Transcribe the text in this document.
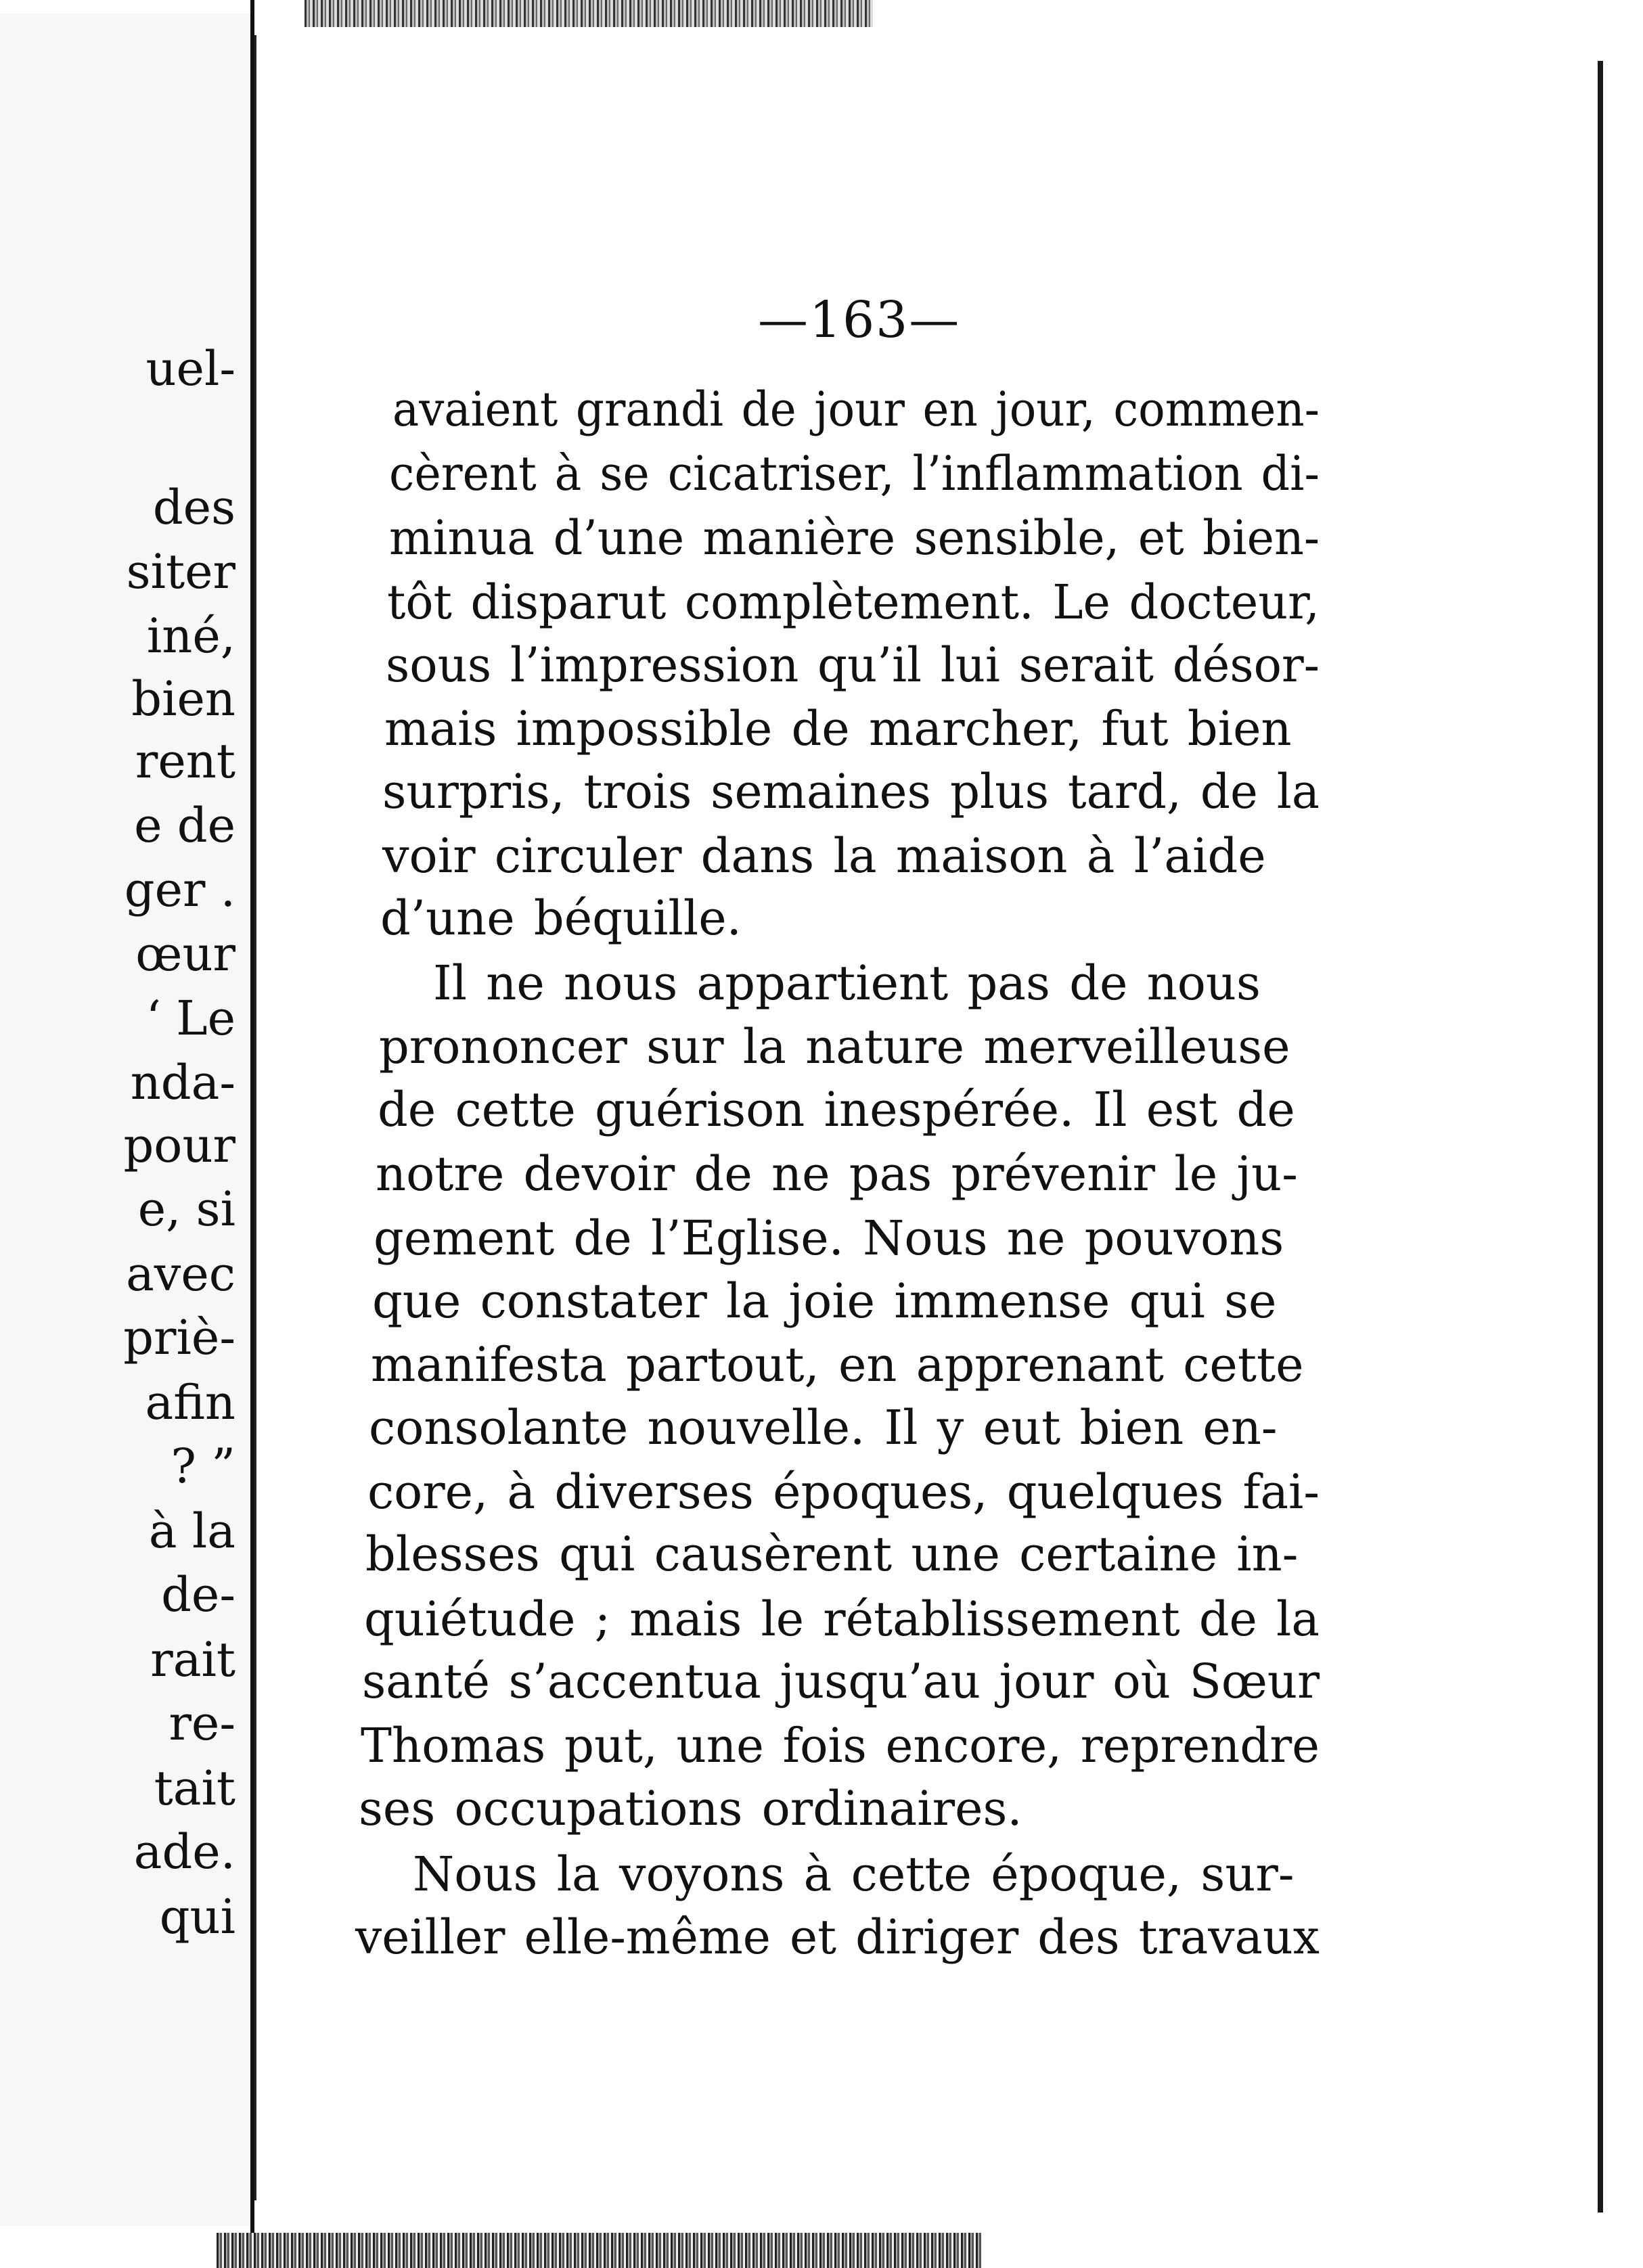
uel-
des
siter
iné,
bien
rent
e de
ger .
œur
‘ Le
nda-
pour
e, si
avec
priè-
afin
? ”
à la
de-
rait
re-
tait
ade.
qui
—163—
avaient grandi de jour en jour, commen-
cèrent à se cicatriser, l’inflammation di-
minua d’une manière sensible, et bien-
tôt disparut complètement. Le docteur,
sous l’impression qu’il lui serait désor-
mais impossible de marcher, fut bien
surpris, trois semaines plus tard, de la
voir circuler dans la maison à l’aide
d’une béquille.
Il ne nous appartient pas de nous
prononcer sur la nature merveilleuse
de cette guérison inespérée. Il est de
notre devoir de ne pas prévenir le ju-
gement de l’Eglise. Nous ne pouvons
que constater la joie immense qui se
manifesta partout, en apprenant cette
consolante nouvelle. Il y eut bien en-
core, à diverses époques, quelques fai-
blesses qui causèrent une certaine in-
quiétude ; mais le rétablissement de la
santé s’accentua jusqu’au jour où Sœur
Thomas put, une fois encore, reprendre
ses occupations ordinaires.
Nous la voyons à cette époque, sur-
veiller elle-même et diriger des travaux
